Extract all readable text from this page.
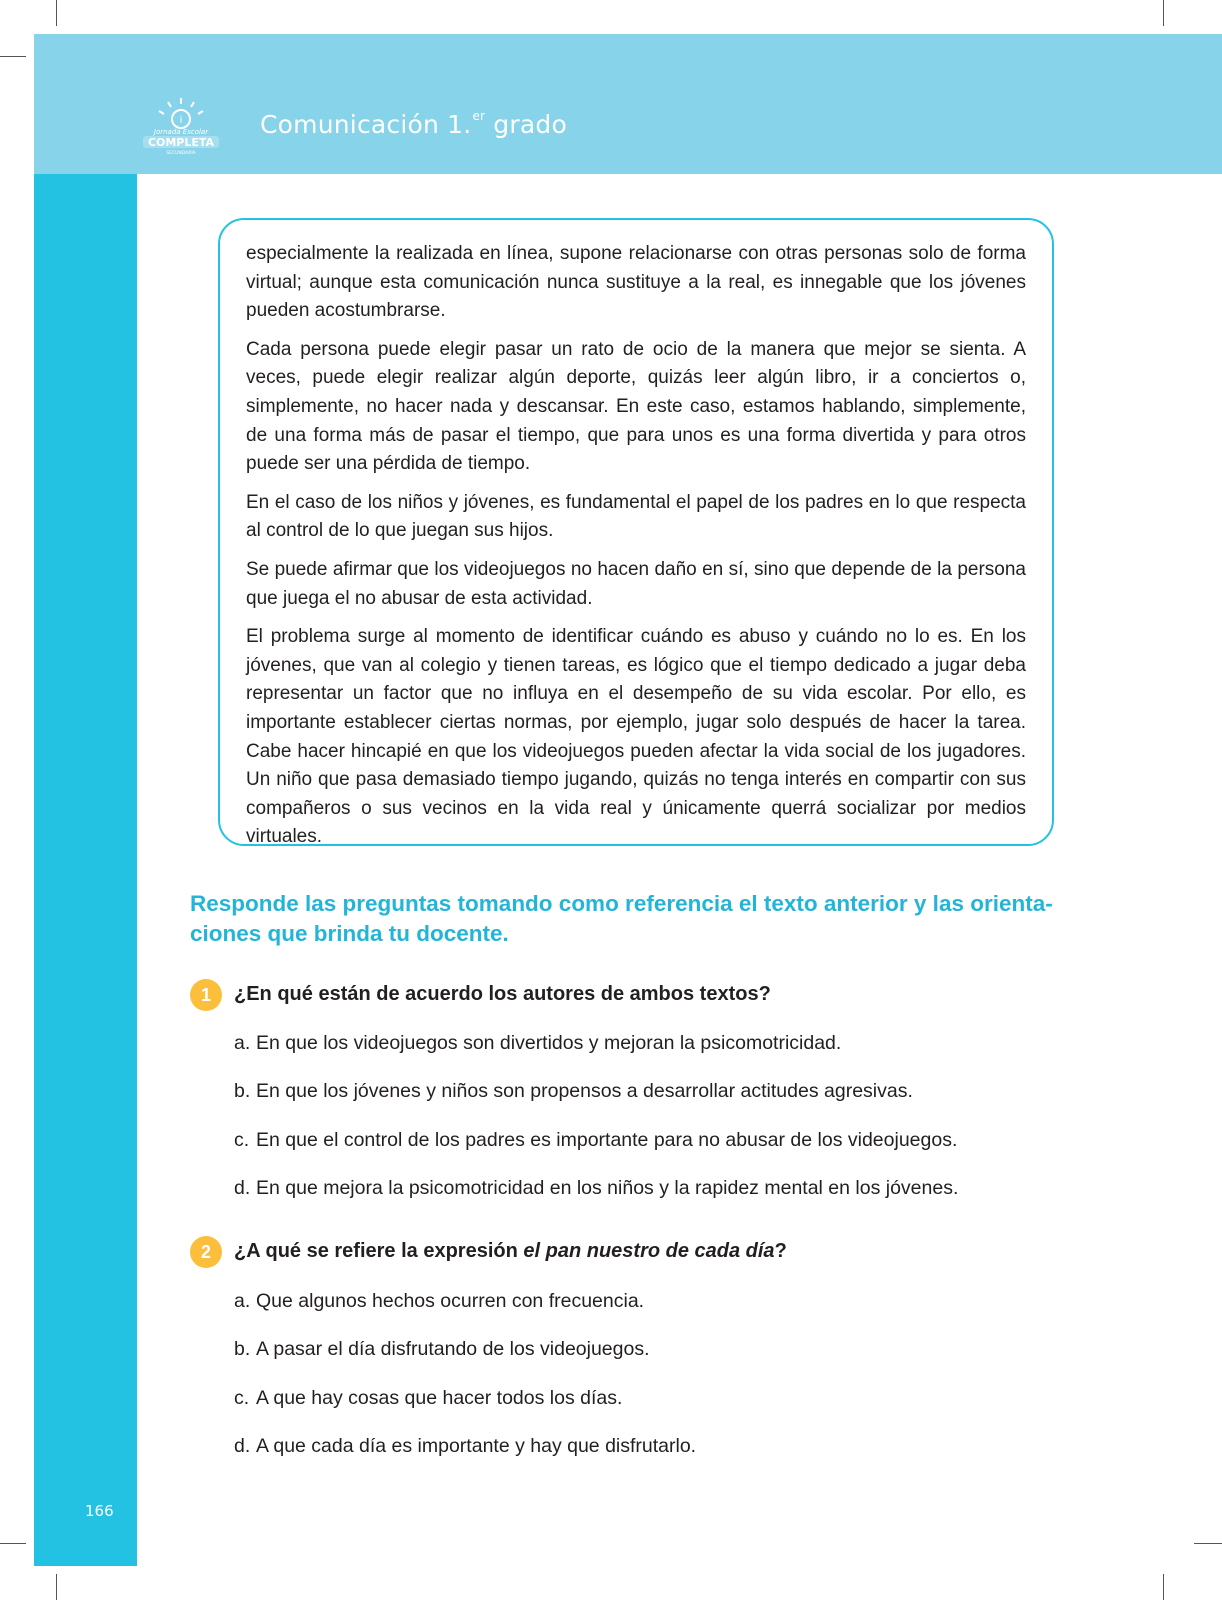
i
Jornada Escolar
COMPLETA
SECUNDARIA
Comunicación 1.$^{er}$ grado

especialmente la realizada en línea, supone relacionarse con otras personas solo de forma virtual; aunque esta comunicación nunca sustituye a la real, es innegable que los jóvenes pueden acostumbrarse.

Cada persona puede elegir pasar un rato de ocio de la manera que mejor se sienta. A veces, puede elegir realizar algún deporte, quizás leer algún libro, ir a conciertos o, simplemente, no hacer nada y descansar. En este caso, estamos hablando, simplemente, de una forma más de pasar el tiempo, que para unos es una forma divertida y para otros puede ser una pérdida de tiempo.

En el caso de los niños y jóvenes, es fundamental el papel de los padres en lo que respecta al control de lo que juegan sus hijos.

Se puede afirmar que los videojuegos no hacen daño en sí, sino que depende de la persona que juega el no abusar de esta actividad.

El problema surge al momento de identificar cuándo es abuso y cuándo no lo es. En los jóvenes, que van al colegio y tienen tareas, es lógico que el tiempo dedicado a jugar deba representar un factor que no influya en el desempeño de su vida escolar. Por ello, es importante establecer ciertas normas, por ejemplo, jugar solo después de hacer la tarea. Cabe hacer hincapié en que los videojuegos pueden afectar la vida social de los jugadores. Un niño que pasa demasiado tiempo jugando, quizás no tenga interés en compartir con sus compañeros o sus vecinos en la vida real y únicamente querrá socializar por medios virtuales.

Responde las preguntas tomando como referencia el texto anterior y las orienta-ciones que brinda tu docente.
1	¿En qué están de acuerdo los autores de ambos textos?
a. En que los videojuegos son divertidos y mejoran la psicomotricidad.
b. En que los jóvenes y niños son propensos a desarrollar actitudes agresivas.
c. En que el control de los padres es importante para no abusar de los videojuegos.
d. En que mejora la psicomotricidad en los niños y la rapidez mental en los jóvenes.
2	¿A qué se refiere la expresión el pan nuestro de cada día?
a. Que algunos hechos ocurren con frecuencia.
b. A pasar el día disfrutando de los videojuegos.
c. A que hay cosas que hacer todos los días.
d. A que cada día es importante y hay que disfrutarlo.
166
